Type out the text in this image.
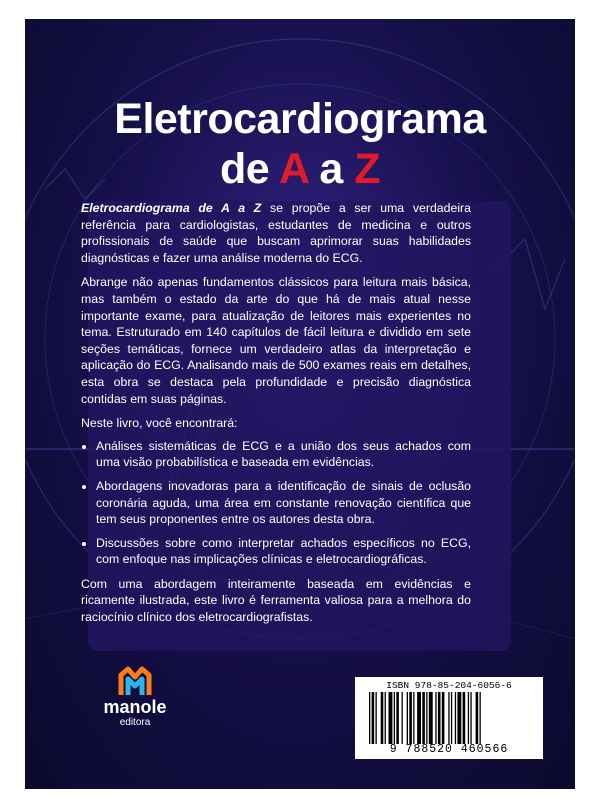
Eletrocardiograma
de A a Z

Eletrocardiograma de A a Z se propõe a ser uma verdadeira referência para cardiologistas, estudantes de medicina e outros profissionais de saúde que buscam aprimorar suas habilidades diagnósticas e fazer uma análise moderna do ECG.

Abrange não apenas fundamentos clássicos para leitura mais básica, mas também o estado da arte do que há de mais atual nesse importante exame, para atualização de leitores mais experientes no tema. Estruturado em 140 capítulos de fácil leitura e dividido em sete seções temáticas, fornece um verdadeiro atlas da interpretação e aplicação do ECG. Analisando mais de 500 exames reais em detalhes, esta obra se destaca pela profundidade e precisão diagnóstica contidas em suas páginas.

Neste livro, você encontrará:

• Análises sistemáticas de ECG e a união dos seus achados com uma visão probabilística e baseada em evidências.
• Abordagens inovadoras para a identificação de sinais de oclusão coronária aguda, uma área em constante renovação científica que tem seus proponentes entre os autores desta obra.
• Discussões sobre como interpretar achados específicos no ECG, com enfoque nas implicações clínicas e eletrocardiográficas.

Com uma abordagem inteiramente baseada em evidências e ricamente ilustrada, este livro é ferramenta valiosa para a melhora do raciocínio clínico dos eletrocardiografistas.

manole
editora
ISBN 978-85-204-6056-6
9 788520 460566
